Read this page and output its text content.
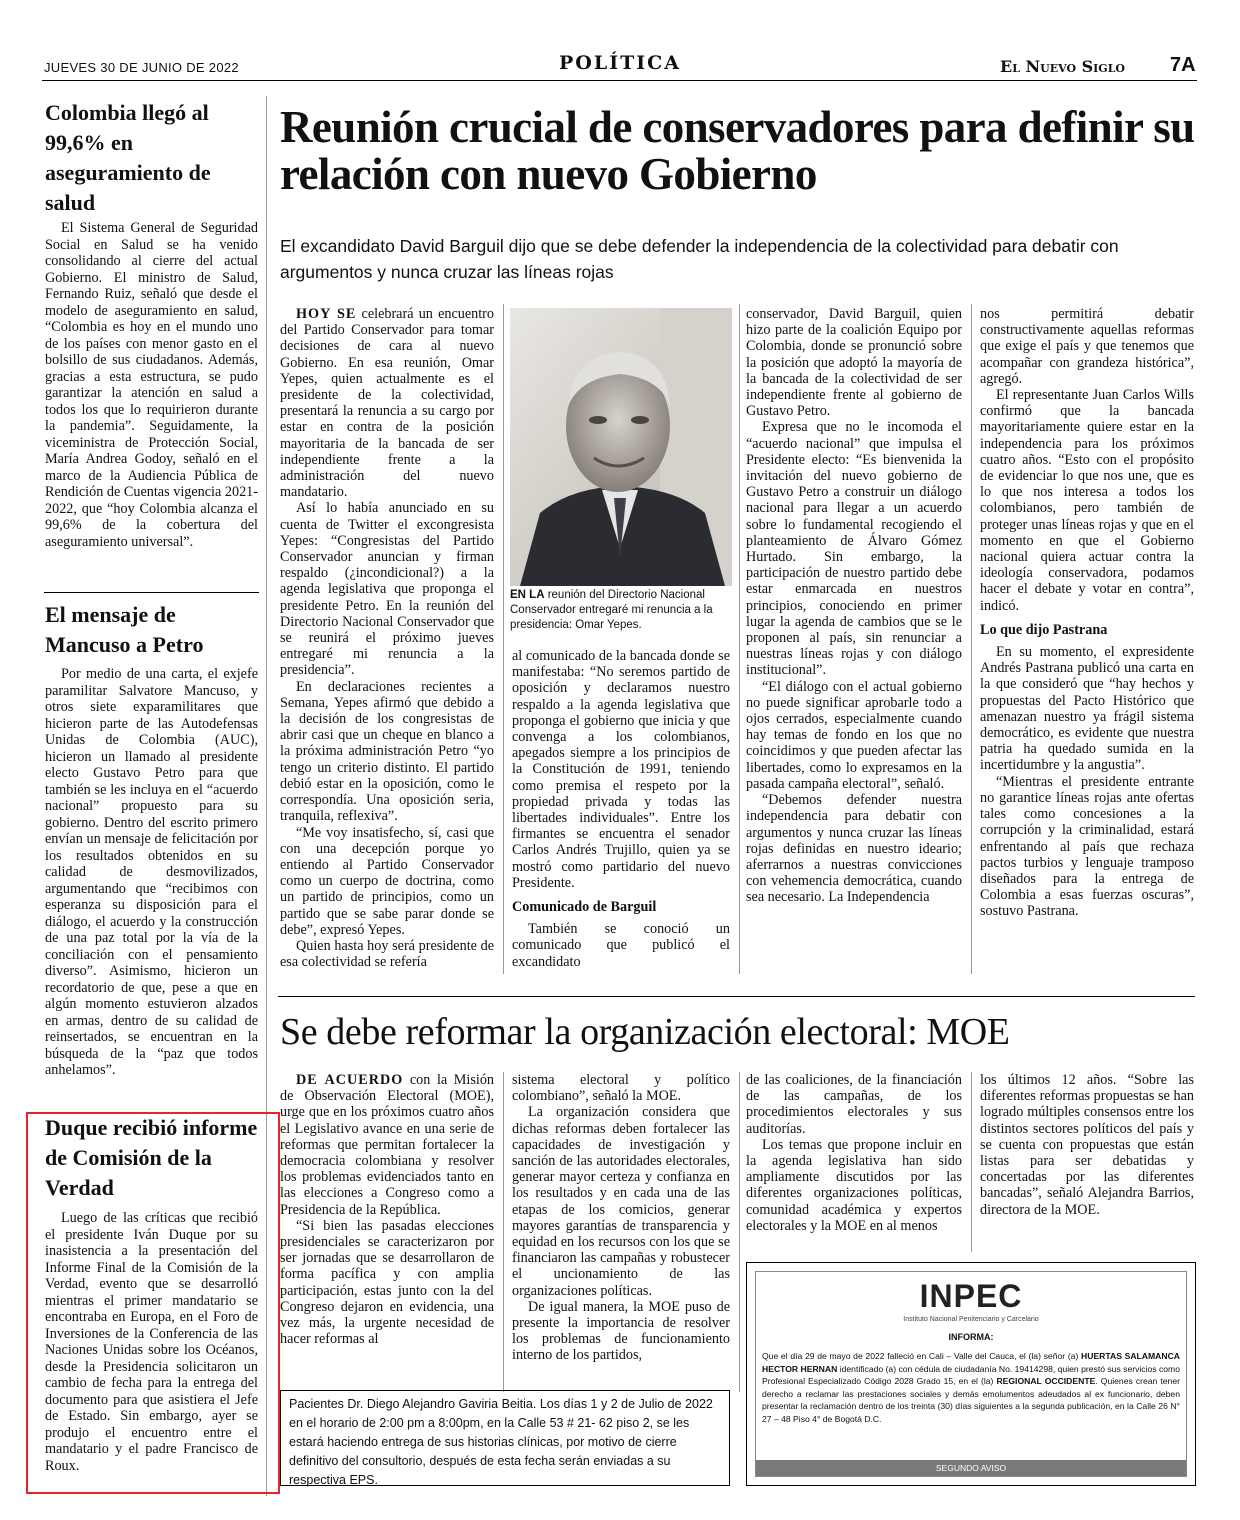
JUEVES 30 DE JUNIO DE 2022	POLÍTICA	El Nuevo Siglo 7A
Colombia llegó al 99,6% en aseguramiento de salud
El Sistema General de Seguridad Social en Salud se ha venido consolidando al cierre del actual Gobierno. El ministro de Salud, Fernando Ruiz, señaló que desde el modelo de aseguramiento en salud, “Colombia es hoy en el mundo uno de los países con menor gasto en el bolsillo de sus ciudadanos. Además, gracias a esta estructura, se pudo garantizar la atención en salud a todos los que lo requirieron durante la pandemia”. Seguidamente, la viceministra de Protección Social, María Andrea Godoy, señaló en el marco de la Audiencia Pública de Rendición de Cuentas vigencia 2021-2022, que “hoy Colombia alcanza el 99,6% de la cobertura del aseguramiento universal”.
El mensaje de Mancuso a Petro
Por medio de una carta, el exjefe paramilitar Salvatore Mancuso, y otros siete exparamilitares que hicieron parte de las Autodefensas Unidas de Colombia (AUC), hicieron un llamado al presidente electo Gustavo Petro para que también se les incluya en el “acuerdo nacional” propuesto para su gobierno. Dentro del escrito primero envían un mensaje de felicitación por los resultados obtenidos en su calidad de desmovilizados, argumentando que “recibimos con esperanza su disposición para el diálogo, el acuerdo y la construcción de una paz total por la vía de la conciliación con el pensamiento diverso”. Asimismo, hicieron un recordatorio de que, pese a que en algún momento estuvieron alzados en armas, dentro de su calidad de reinsertados, se encuentran en la búsqueda de la “paz que todos anhelamos”.
Duque recibió informe de Comisión de la Verdad
Luego de las críticas que recibió el presidente Iván Duque por su inasistencia a la presentación del Informe Final de la Comisión de la Verdad, evento que se desarrolló mientras el primer mandatario se encontraba en Europa, en el Foro de Inversiones de la Conferencia de las Naciones Unidas sobre los Océanos, desde la Presidencia solicitaron un cambio de fecha para la entrega del documento para que asistiera el Jefe de Estado. Sin embargo, ayer se produjo el encuentro entre el mandatario y el padre Francisco de Roux.
Reunión crucial de conservadores para definir su relación con nuevo Gobierno
El excandidato David Barguil dijo que se debe defender la independencia de la colectividad para debatir con argumentos y nunca cruzar las líneas rojas

HOY SE celebrará un encuentro del Partido Conservador para tomar decisiones de cara al nuevo Gobierno. En esa reunión, Omar Yepes, quien actualmente es el presidente de la colectividad, presentará la renuncia a su cargo por estar en contra de la posición mayoritaria de la bancada de ser independiente frente a la administración del nuevo mandatario.

Así lo había anunciado en su cuenta de Twitter el excongresista Yepes: “Congresistas del Partido Conservador anuncian y firman respaldo (¿incondicional?) a la agenda legislativa que proponga el presidente Petro. En la reunión del Directorio Nacional Conservador que se reunirá el próximo jueves entregaré mi renuncia a la presidencia”.

En declaraciones recientes a Semana, Yepes afirmó que debido a la decisión de los congresistas de abrir casi que un cheque en blanco a la próxima administración Petro “yo tengo un criterio distinto. El partido debió estar en la oposición, como le correspondía. Una oposición seria, tranquila, reflexiva”.

“Me voy insatisfecho, sí, casi que con una decepción porque yo entiendo al Partido Conservador como un cuerpo de doctrina, como un partido de principios, como un partido que se sabe parar donde se debe”, expresó Yepes.

Quien hasta hoy será presidente de esa colectividad se refería

EN LA reunión del Directorio Nacional Conservador entregaré mi renuncia a la presidencia: Omar Yepes.

al comunicado de la bancada donde se manifestaba: “No seremos partido de oposición y declaramos nuestro respaldo a la agenda legislativa que proponga el gobierno que inicia y que convenga a los colombianos, apegados siempre a los principios de la Constitución de 1991, teniendo como premisa el respeto por la propiedad privada y todas las libertades individuales”. Entre los firmantes se encuentra el senador Carlos Andrés Trujillo, quien ya se mostró como partidario del nuevo Presidente.

Comunicado de Barguil

También se conoció un comunicado que publicó el excandidato

conservador, David Barguil, quien hizo parte de la coalición Equipo por Colombia, donde se pronunció sobre la posición que adoptó la mayoría de la bancada de la colectividad de ser independiente frente al gobierno de Gustavo Petro.

Expresa que no le incomoda el “acuerdo nacional” que impulsa el Presidente electo: “Es bienvenida la invitación del nuevo gobierno de Gustavo Petro a construir un diálogo nacional para llegar a un acuerdo sobre lo fundamental recogiendo el planteamiento de Álvaro Gómez Hurtado. Sin embargo, la participación de nuestro partido debe estar enmarcada en nuestros principios, conociendo en primer lugar la agenda de cambios que se le proponen al país, sin renunciar a nuestras líneas rojas y con diálogo institucional”.

“El diálogo con el actual gobierno no puede significar aprobarle todo a ojos cerrados, especialmente cuando hay temas de fondo en los que no coincidimos y que pueden afectar las libertades, como lo expresamos en la pasada campaña electoral”, señaló.

“Debemos defender nuestra independencia para debatir con argumentos y nunca cruzar las líneas rojas definidas en nuestro ideario; aferrarnos a nuestras convicciones con vehemencia democrática, cuando sea necesario. La Independencia

nos permitirá debatir constructivamente aquellas reformas que exige el país y que tenemos que acompañar con grandeza histórica”, agregó.

El representante Juan Carlos Wills confirmó que la bancada mayoritariamente quiere estar en la independencia para los próximos cuatro años. “Esto con el propósito de evidenciar lo que nos une, que es lo que nos interesa a todos los colombianos, pero también de proteger unas líneas rojas y que en el momento en que el Gobierno nacional quiera actuar contra la ideología conservadora, podamos hacer el debate y votar en contra”, indicó.

Lo que dijo Pastrana

En su momento, el expresidente Andrés Pastrana publicó una carta en la que consideró que “hay hechos y propuestas del Pacto Histórico que amenazan nuestro ya frágil sistema democrático, es evidente que nuestra patria ha quedado sumida en la incertidumbre y la angustia”.

“Mientras el presidente entrante no garantice líneas rojas ante ofertas tales como concesiones a la corrupción y la criminalidad, estará enfrentando al país que rechaza pactos turbios y lenguaje tramposo diseñados para la entrega de Colombia a esas fuerzas oscuras”, sostuvo Pastrana.

Se debe reformar la organización electoral: MOE

DE ACUERDO con la Misión de Observación Electoral (MOE), urge que en los próximos cuatro años el Legislativo avance en una serie de reformas que permitan fortalecer la democracia colombiana y resolver los problemas evidenciados tanto en las elecciones a Congreso como a Presidencia de la República.

“Si bien las pasadas elecciones presidenciales se caracterizaron por ser jornadas que se desarrollaron de forma pacífica y con amplia participación, estas junto con la del Congreso dejaron en evidencia, una vez más, la urgente necesidad de hacer reformas al

sistema electoral y político colombiano”, señaló la MOE.

La organización considera que dichas reformas deben fortalecer las capacidades de investigación y sanción de las autoridades electorales, generar mayor certeza y confianza en los resultados y en cada una de las etapas de los comicios, generar mayores garantías de transparencia y equidad en los recursos con los que se financiaron las campañas y robustecer el uncionamiento de las organizaciones políticas.

De igual manera, la MOE puso de presente la importancia de resolver los problemas de funcionamiento interno de los partidos,

de las coaliciones, de la financiación de las campañas, de los procedimientos electorales y sus auditorías.

Los temas que propone incluir en la agenda legislativa han sido ampliamente discutidos por las diferentes organizaciones políticas, comunidad académica y expertos electorales y la MOE en al menos

los últimos 12 años. “Sobre las diferentes reformas propuestas se han logrado múltiples consensos entre los distintos sectores políticos del país y se cuenta con propuestas que están listas para ser debatidas y concertadas por las diferentes bancadas”, señaló Alejandra Barrios, directora de la MOE.

Pacientes Dr. Diego Alejandro Gaviria Beitia. Los días 1 y 2 de Julio de 2022 en el horario de 2:00 pm a 8:00pm, en la Calle 53 # 21- 62 piso 2, se les estará haciendo entrega de sus historias clínicas, por motivo de cierre definitivo del consultorio, después de esta fecha serán enviadas a su respectiva EPS.
INPEC
Instituto Nacional Penitenciario y Carcelario
INFORMA:
Que el día 29 de mayo de 2022 falleció en Cali – Valle del Cauca, el (la) señor (a) HUERTAS SALAMANCA HECTOR HERNAN identificado (a) con cédula de ciudadanía No. 19414298, quien prestó sus servicios como Profesional Especializado Código 2028 Grado 15, en el (la) REGIONAL OCCIDENTE. Quienes crean tener derecho a reclamar las prestaciones sociales y demás emolumentos adeudados al ex funcionario, deben presentar la reclamación dentro de los treinta (30) días siguientes a la segunda publicación, en la Calle 26 N° 27 – 48 Piso 4° de Bogotá D.C.
SEGUNDO AVISO
